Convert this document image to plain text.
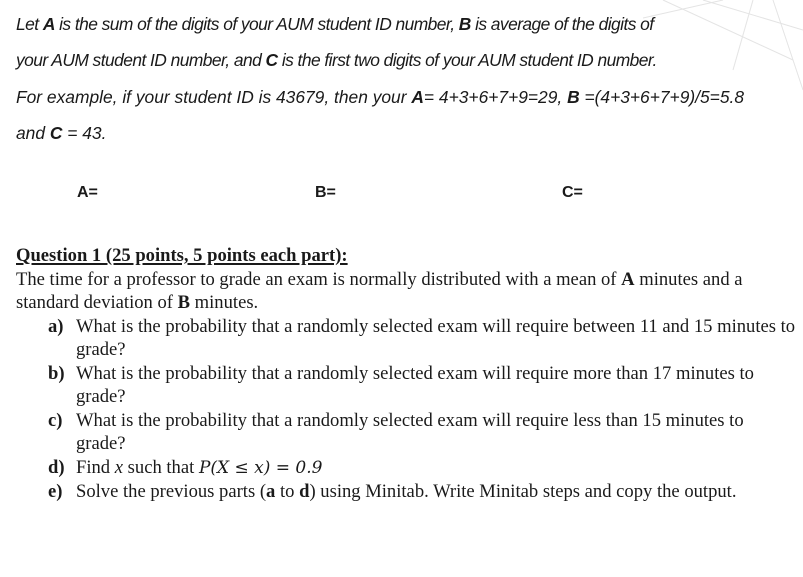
Let A is the sum of the digits of your AUM student ID number, B is average of the digits of
your AUM student ID number, and C is the first two digits of your AUM student ID number.
For example, if your student ID is 43679, then your A= 4+3+6+7+9=29, B =(4+3+6+7+9)/5=5.8
and C = 43.
A=	B=	C=

Question 1 (25 points, 5 points each part):

The time for a professor to grade an exam is normally distributed with a mean of A minutes and a standard deviation of B minutes.

a) What is the probability that a randomly selected exam will require between 11 and 15 minutes to grade?
b) What is the probability that a randomly selected exam will require more than 17 minutes to grade?
c) What is the probability that a randomly selected exam will require less than 15 minutes to grade?
d) Find x such that P(X ≤ x) = 0.9
e) Solve the previous parts (a to d) using Minitab. Write Minitab steps and copy the output.
